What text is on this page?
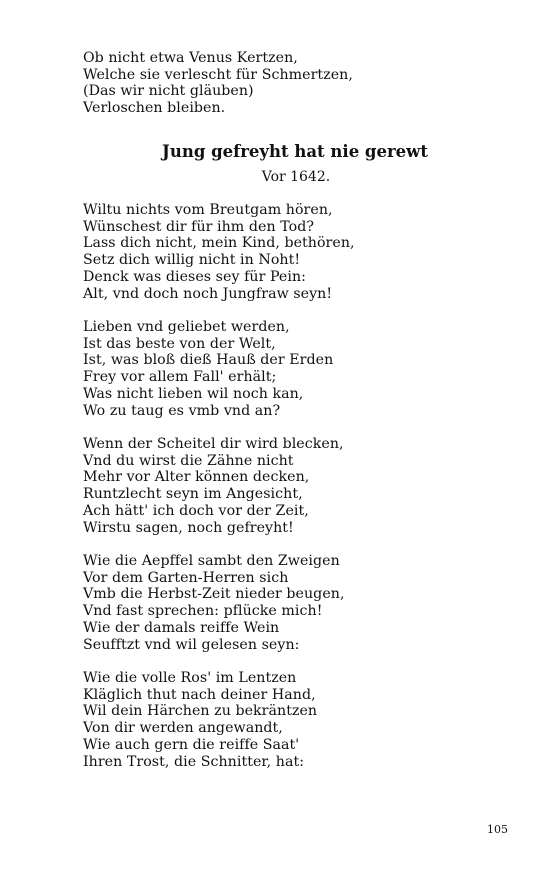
Ob nicht etwa Venus Kertzen,
Welche sie verlescht für Schmertzen,
(Das wir nicht gläuben)
Verloschen bleiben.
Jung gefreyht hat nie gerewt
Vor 1642.
Wiltu nichts vom Breutgam hören,
Wünschest dir für ihm den Tod?
Lass dich nicht, mein Kind, bethören,
Setz dich willig nicht in Noht!
Denck was dieses sey für Pein:
Alt, vnd doch noch Jungfraw seyn!
Lieben vnd geliebet werden,
Ist das beste von der Welt,
Ist, was bloß dieß Hauß der Erden
Frey vor allem Fall' erhält;
Was nicht lieben wil noch kan,
Wo zu taug es vmb vnd an?
Wenn der Scheitel dir wird blecken,
Vnd du wirst die Zähne nicht
Mehr vor Alter können decken,
Runtzlecht seyn im Angesicht,
Ach hätt' ich doch vor der Zeit,
Wirstu sagen, noch gefreyht!
Wie die Aepffel sambt den Zweigen
Vor dem Garten-Herren sich
Vmb die Herbst-Zeit nieder beugen,
Vnd fast sprechen: pflücke mich!
Wie der damals reiffe Wein
Seufftzt vnd wil gelesen seyn:
Wie die volle Ros' im Lentzen
Kläglich thut nach deiner Hand,
Wil dein Härchen zu bekräntzen
Von dir werden angewandt,
Wie auch gern die reiffe Saat'
Ihren Trost, die Schnitter, hat:
105
